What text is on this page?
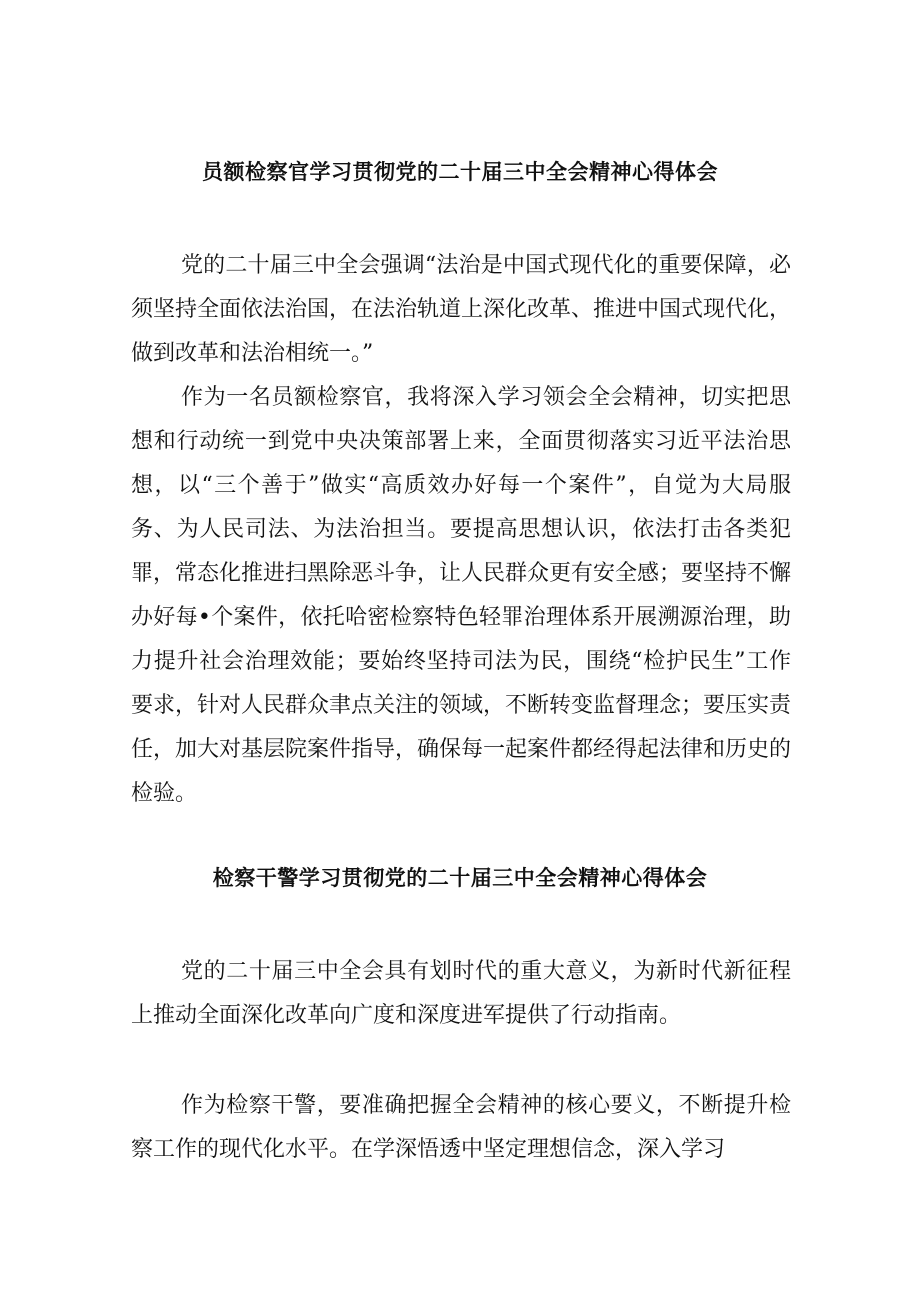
员额检察官学习贯彻党的二十届三中全会精神心得体会

党的二十届三中全会强调“法治是中国式现代化的重要保障，必须坚持全面依法治国，在法治轨道上深化改革、推进中国式现代化，做到改革和法治相统一。”

作为一名员额检察官，我将深入学习领会全会精神，切实把思想和行动统一到党中央决策部署上来，全面贯彻落实习近平法治思想，以“三个善于”做实“高质效办好每一个案件”，自觉为大局服务、为人民司法、为法治担当。要提高思想认识，依法打击各类犯罪，常态化推进扫黑除恶斗争，让人民群众更有安全感；要坚持不懈办好每•个案件，依托哈密检察特色轻罪治理体系开展溯源治理，助力提升社会治理效能；要始终坚持司法为民，围绕“检护民生”工作要求，针对人民群众聿点关注的领域，不断转变监督理念；要压实责任，加大对基层院案件指导，确保每一起案件都经得起法律和历史的检验。

检察干警学习贯彻党的二十届三中全会精神心得体会

党的二十届三中全会具有划时代的重大意义，为新时代新征程上推动全面深化改革向广度和深度进军提供了行动指南。

作为检察干警，要准确把握全会精神的核心要义，不断提升检察工作的现代化水平。在学深悟透中坚定理想信念，深入学习
